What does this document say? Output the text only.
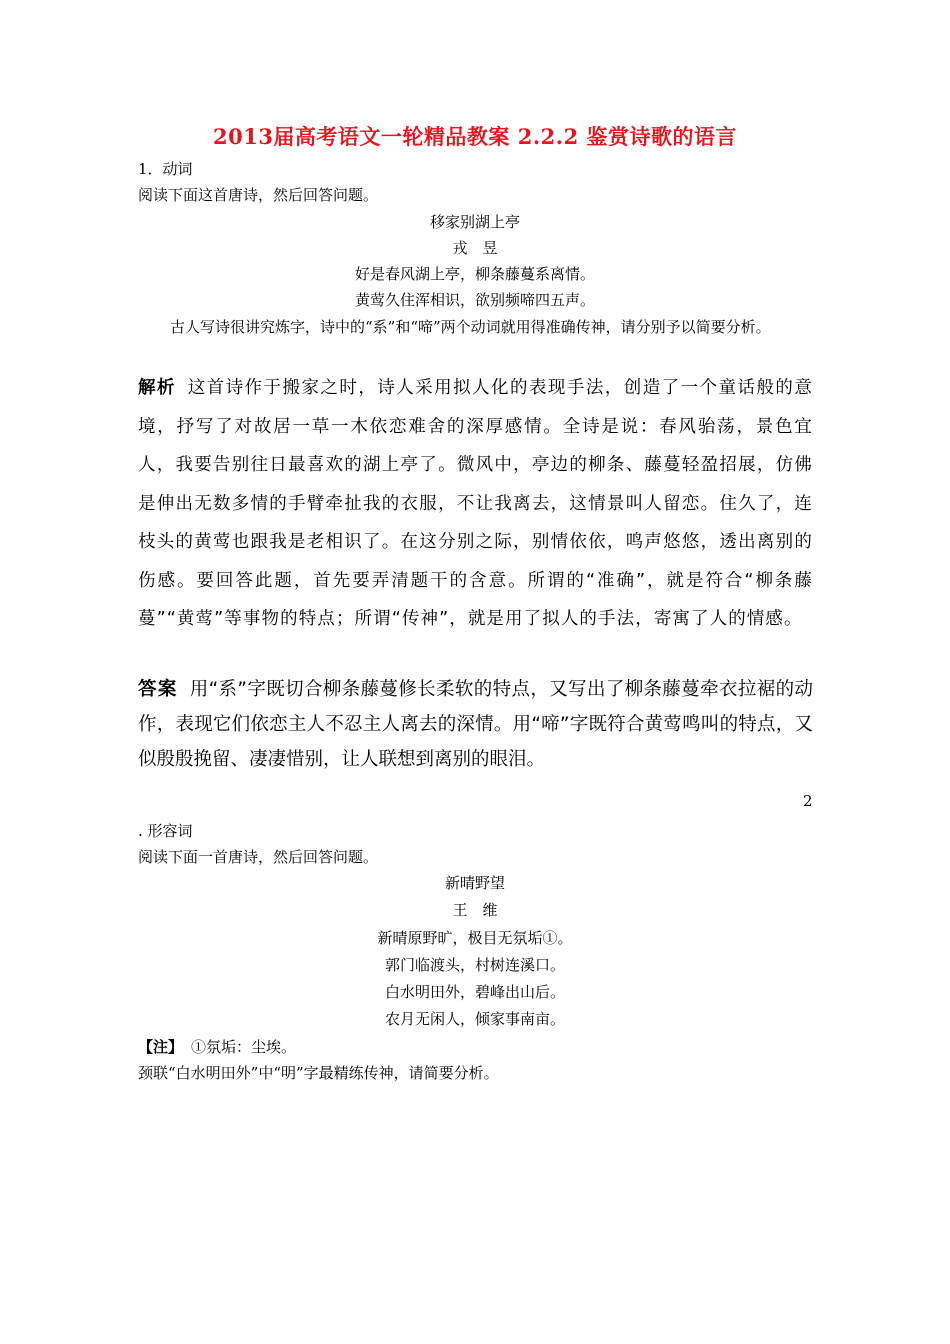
2013届高考语文一轮精品教案 2.2.2 鉴赏诗歌的语言
1．动词
阅读下面这首唐诗，然后回答问题。
移家别湖上亭
戎　昱
好是春风湖上亭，柳条藤蔓系离情。
黄莺久住浑相识，欲别频啼四五声。
古人写诗很讲究炼字，诗中的“系”和“啼”两个动词就用得准确传神，请分别予以简要分析。
解析 这首诗作于搬家之时，诗人采用拟人化的表现手法，创造了一个童话般的意境，抒写了对故居一草一木依恋难舍的深厚感情。全诗是说：春风骀荡，景色宜人，我要告别往日最喜欢的湖上亭了。微风中，亭边的柳条、藤蔓轻盈招展，仿佛是伸出无数多情的手臂牵扯我的衣服，不让我离去，这情景叫人留恋。住久了，连枝头的黄莺也跟我是老相识了。在这分别之际，别情依依，鸣声悠悠，透出离别的伤感。要回答此题，首先要弄清题干的含意。所谓的“准确”，就是符合“柳条藤蔓”“黄莺”等事物的特点；所谓“传神”，就是用了拟人的手法，寄寓了人的情感。
答案 用“系”字既切合柳条藤蔓修长柔软的特点，又写出了柳条藤蔓牵衣拉裾的动作，表现它们依恋主人不忍主人离去的深情。用“啼”字既符合黄莺鸣叫的特点，又似殷殷挽留、凄凄惜别，让人联想到离别的眼泪。
2
. 形容词
阅读下面一首唐诗，然后回答问题。
新晴野望
王　维
新晴原野旷，极目无氛垢①。
郭门临渡头，村树连溪口。
白水明田外，碧峰出山后。
农月无闲人，倾家事南亩。
【注】 ①氛垢：尘埃。
颈联“白水明田外”中“明”字最精练传神，请简要分析。
